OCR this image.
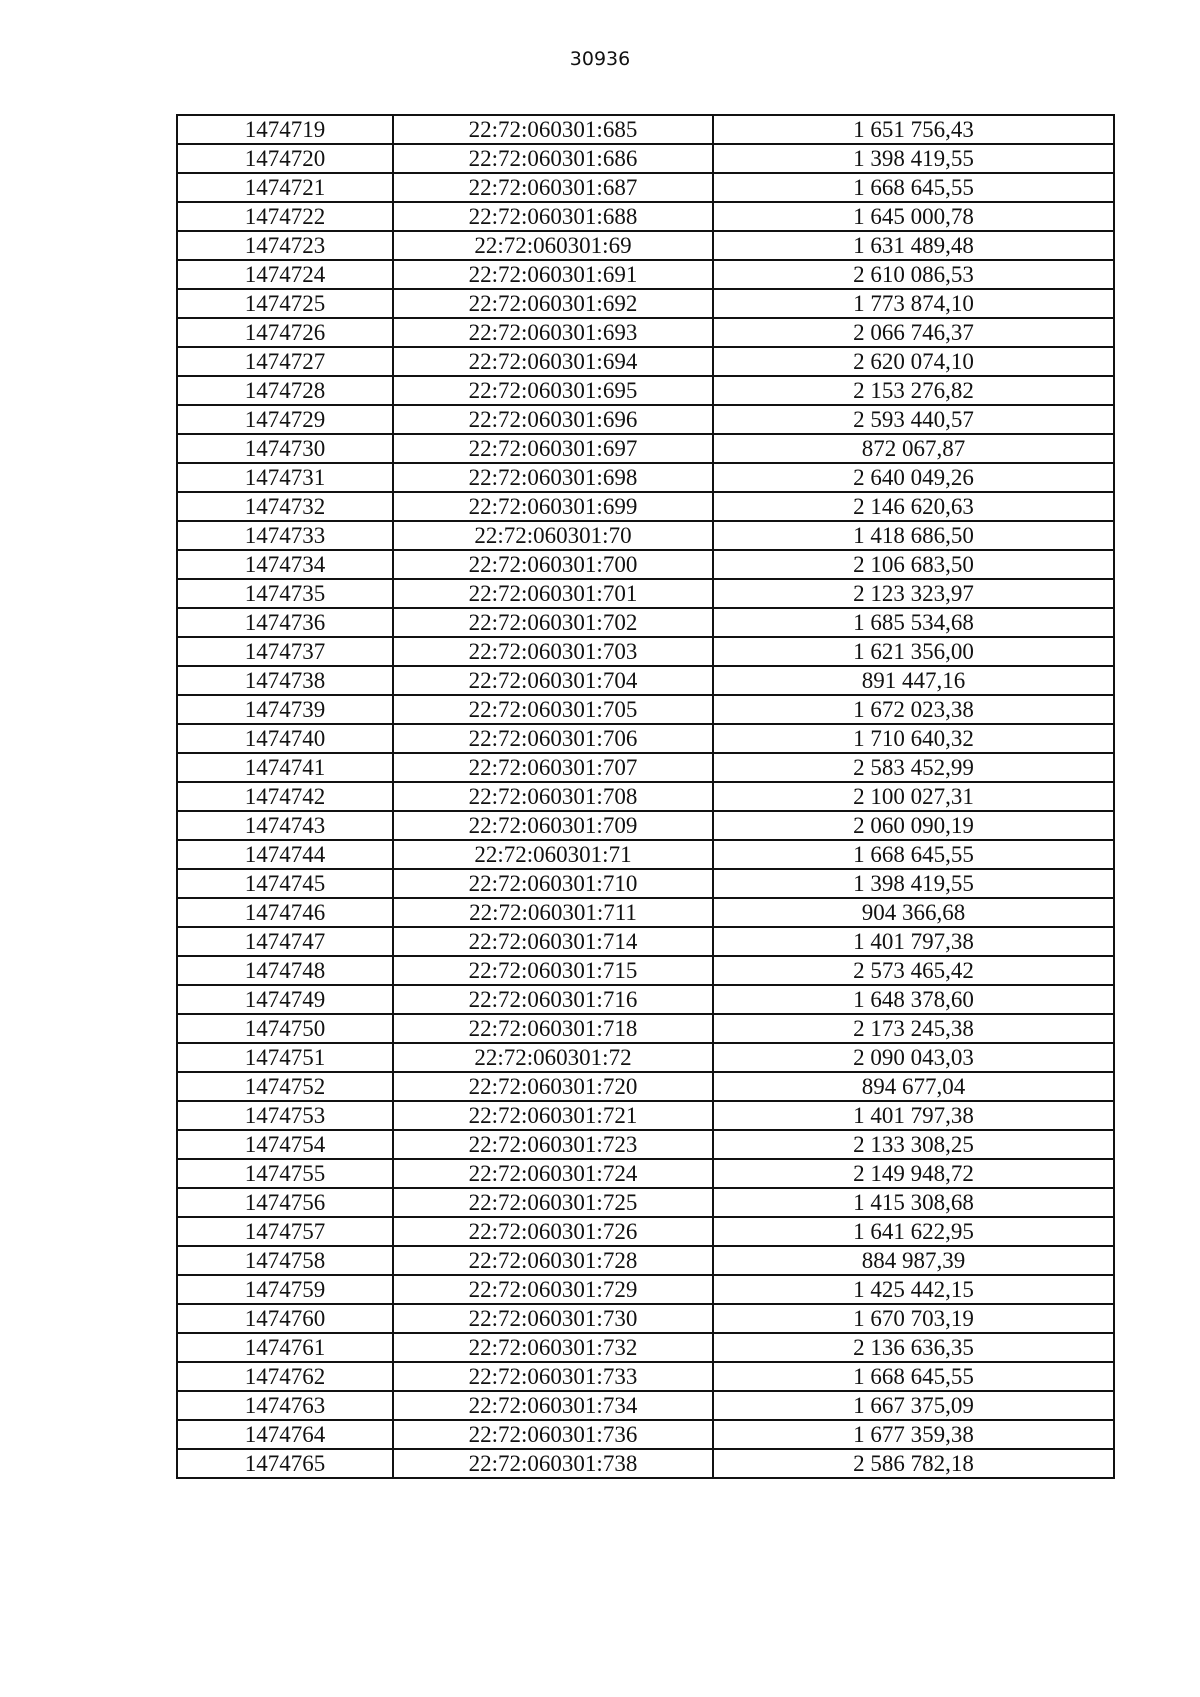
30936
1474719	22:72:060301:685	1 651 756,43
1474720	22:72:060301:686	1 398 419,55
1474721	22:72:060301:687	1 668 645,55
1474722	22:72:060301:688	1 645 000,78
1474723	22:72:060301:69	1 631 489,48
1474724	22:72:060301:691	2 610 086,53
1474725	22:72:060301:692	1 773 874,10
1474726	22:72:060301:693	2 066 746,37
1474727	22:72:060301:694	2 620 074,10
1474728	22:72:060301:695	2 153 276,82
1474729	22:72:060301:696	2 593 440,57
1474730	22:72:060301:697	872 067,87
1474731	22:72:060301:698	2 640 049,26
1474732	22:72:060301:699	2 146 620,63
1474733	22:72:060301:70	1 418 686,50
1474734	22:72:060301:700	2 106 683,50
1474735	22:72:060301:701	2 123 323,97
1474736	22:72:060301:702	1 685 534,68
1474737	22:72:060301:703	1 621 356,00
1474738	22:72:060301:704	891 447,16
1474739	22:72:060301:705	1 672 023,38
1474740	22:72:060301:706	1 710 640,32
1474741	22:72:060301:707	2 583 452,99
1474742	22:72:060301:708	2 100 027,31
1474743	22:72:060301:709	2 060 090,19
1474744	22:72:060301:71	1 668 645,55
1474745	22:72:060301:710	1 398 419,55
1474746	22:72:060301:711	904 366,68
1474747	22:72:060301:714	1 401 797,38
1474748	22:72:060301:715	2 573 465,42
1474749	22:72:060301:716	1 648 378,60
1474750	22:72:060301:718	2 173 245,38
1474751	22:72:060301:72	2 090 043,03
1474752	22:72:060301:720	894 677,04
1474753	22:72:060301:721	1 401 797,38
1474754	22:72:060301:723	2 133 308,25
1474755	22:72:060301:724	2 149 948,72
1474756	22:72:060301:725	1 415 308,68
1474757	22:72:060301:726	1 641 622,95
1474758	22:72:060301:728	884 987,39
1474759	22:72:060301:729	1 425 442,15
1474760	22:72:060301:730	1 670 703,19
1474761	22:72:060301:732	2 136 636,35
1474762	22:72:060301:733	1 668 645,55
1474763	22:72:060301:734	1 667 375,09
1474764	22:72:060301:736	1 677 359,38
1474765	22:72:060301:738	2 586 782,18
